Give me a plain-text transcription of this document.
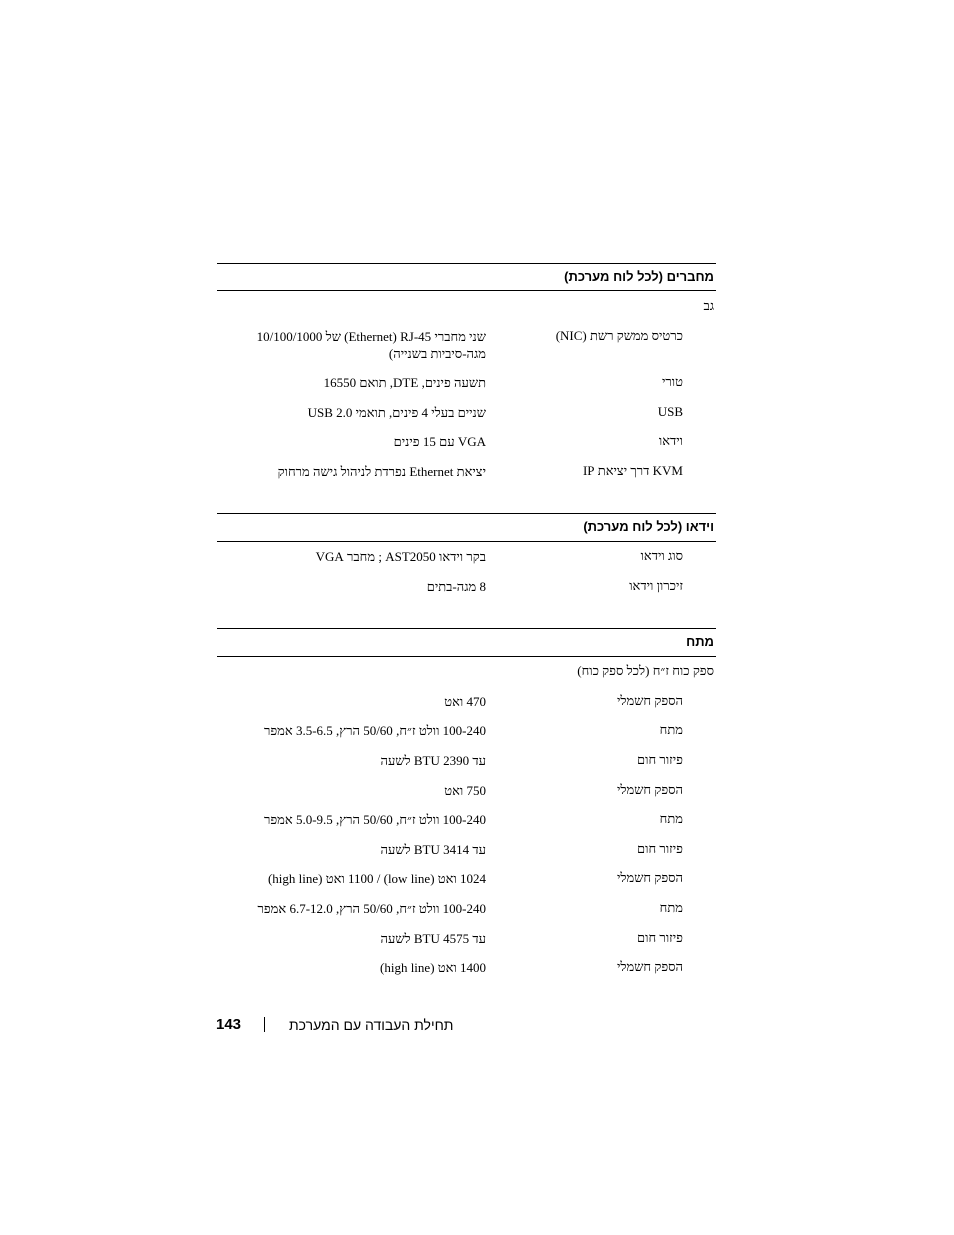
מחברים (לכל לוח מערכת)
גב
כרטיס ממשק רשת (NIC)
שני מחברי RJ-45 ‏(Ethernet) של 10/100/1000
מגה-סיביות בשנייה)
טורי
תשעה פינים, DTE, תואם 16550
USB
שניים בעלי 4 פינים, תואמי USB 2.0
וידאו
VGA עם 15 פינים
KVM דרך יציאת IP
יציאת Ethernet נפרדת לניהול גישה מרחוק
וידאו (לכל לוח מערכת)
סוג וידאו
בקר וידאו AST2050 ; מחבר VGA
זיכרון וידאו
8 מגה-בתים
מתח
ספק כוח ז״ח (לכל ספק כוח)
הספק חשמלי
470 ואט
מתח
100-240 וולט ז״ח, 50/60 הרץ, 3.5-6.5 אמפר
פיזור חום
עד 2390 BTU לשעה
הספק חשמלי
750 ואט
מתח
100-240 וולט ז״ח, 50/60 הרץ, 5.0-9.5 אמפר
פיזור חום
עד 3414 BTU לשעה
הספק חשמלי
1024 ואט (low line) / 1100 ואט (high line)
מתח
100-240 וולט ז״ח, 50/60 הרץ, 6.7-12.0 אמפר
פיזור חום
עד 4575 BTU לשעה
הספק חשמלי
1400 ואט (high line)
143	תחילת העבודה עם המערכת
